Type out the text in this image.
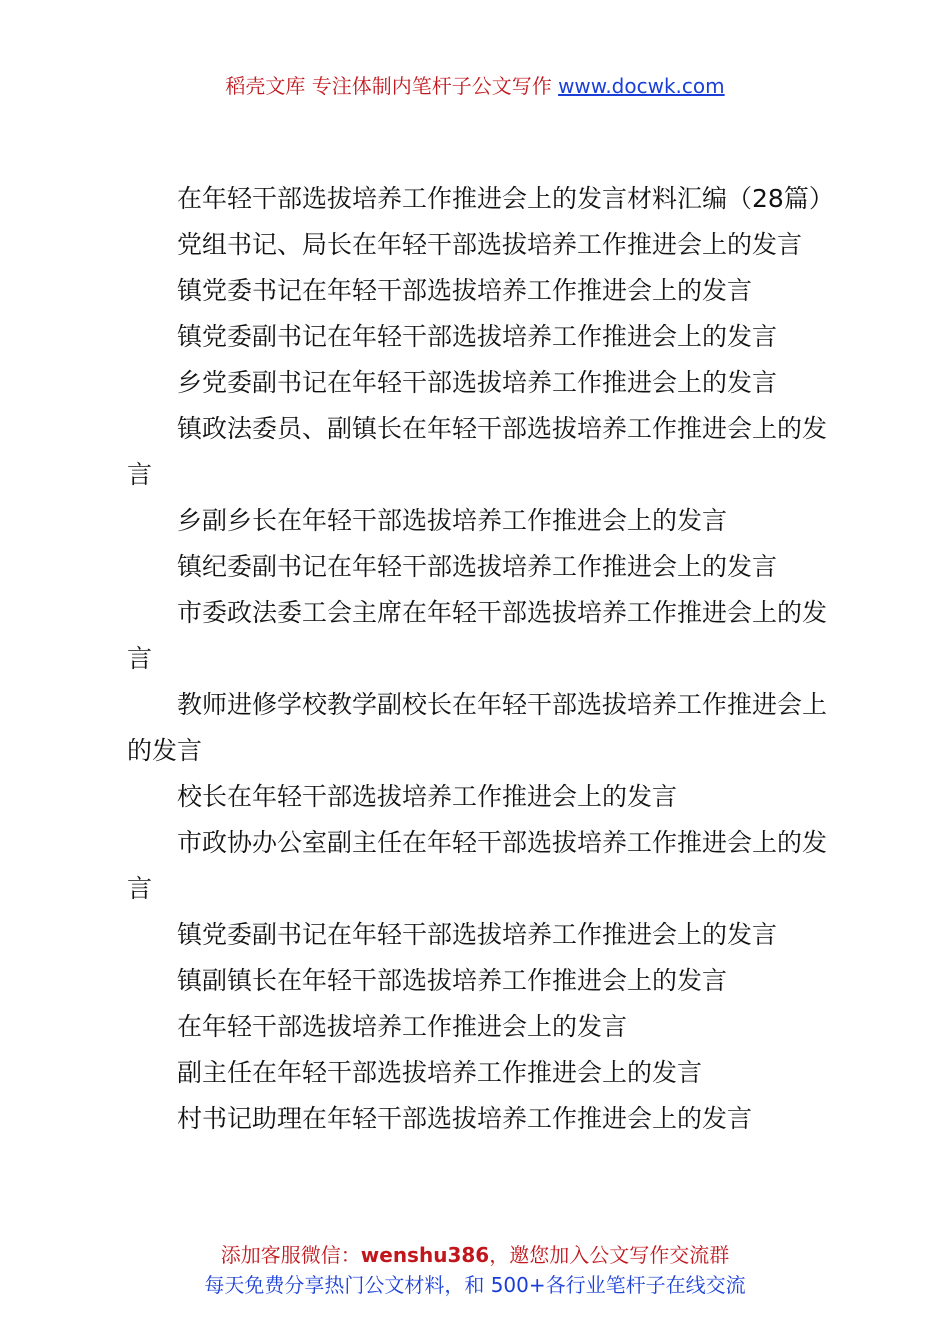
稻壳文库 专注体制内笔杆子公文写作 www.docwk.com

在年轻干部选拔培养工作推进会上的发言材料汇编（28篇）

党组书记、局长在年轻干部选拔培养工作推进会上的发言

镇党委书记在年轻干部选拔培养工作推进会上的发言

镇党委副书记在年轻干部选拔培养工作推进会上的发言

乡党委副书记在年轻干部选拔培养工作推进会上的发言

镇政法委员、副镇长在年轻干部选拔培养工作推进会上的发言

乡副乡长在年轻干部选拔培养工作推进会上的发言

镇纪委副书记在年轻干部选拔培养工作推进会上的发言

市委政法委工会主席在年轻干部选拔培养工作推进会上的发言

教师进修学校教学副校长在年轻干部选拔培养工作推进会上的发言

校长在年轻干部选拔培养工作推进会上的发言

市政协办公室副主任在年轻干部选拔培养工作推进会上的发言

镇党委副书记在年轻干部选拔培养工作推进会上的发言

镇副镇长在年轻干部选拔培养工作推进会上的发言

在年轻干部选拔培养工作推进会上的发言

副主任在年轻干部选拔培养工作推进会上的发言

村书记助理在年轻干部选拔培养工作推进会上的发言

添加客服微信：wenshu386，邀您加入公文写作交流群
每天免费分享热门公文材料，和 500+各行业笔杆子在线交流
